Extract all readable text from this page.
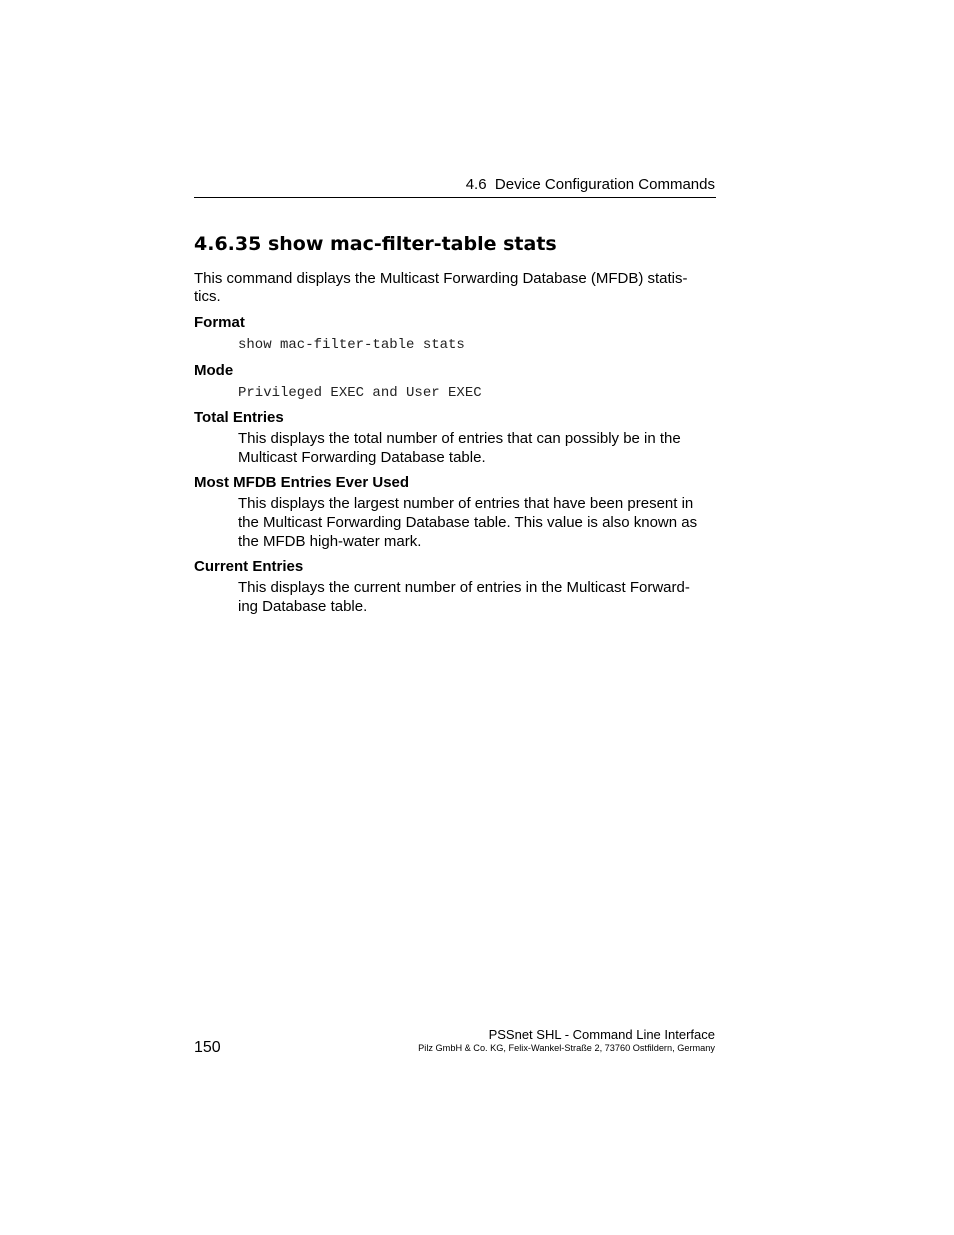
4.6 Device Configuration Commands
4.6.35 show mac-filter-table stats
This command displays the Multicast Forwarding Database (MFDB) statis-
tics.
Format
show mac-filter-table stats
Mode
Privileged EXEC and User EXEC
Total Entries
This displays the total number of entries that can possibly be in the
Multicast Forwarding Database table.
Most MFDB Entries Ever Used
This displays the largest number of entries that have been present in
the Multicast Forwarding Database table. This value is also known as
the MFDB high-water mark.
Current Entries
This displays the current number of entries in the Multicast Forward-
ing Database table.
PSSnet SHL - Command Line Interface
Pilz GmbH & Co. KG, Felix-Wankel-Straße 2, 73760 Ostfildern, Germany
150
